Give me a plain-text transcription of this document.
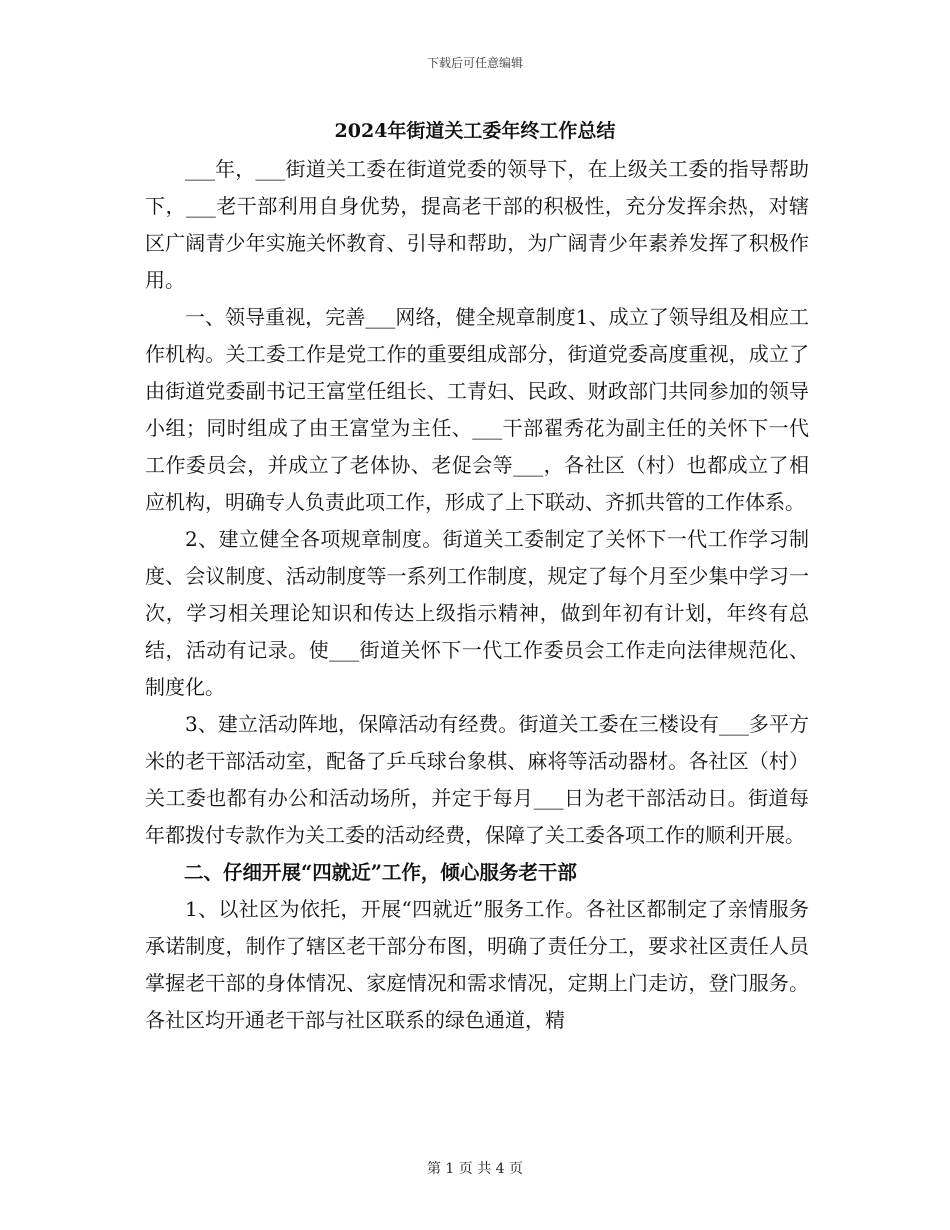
下载后可任意编辑
2024年街道关工委年终工作总结

___年，___街道关工委在街道党委的领导下，在上级关工委的指导帮助下，___老干部利用自身优势，提高老干部的积极性，充分发挥余热，对辖区广阔青少年实施关怀教育、引导和帮助，为广阔青少年素养发挥了积极作用。

一、领导重视，完善___网络，健全规章制度1、成立了领导组及相应工作机构。关工委工作是党工作的重要组成部分，街道党委高度重视，成立了由街道党委副书记王富堂任组长、工青妇、民政、财政部门共同参加的领导小组；同时组成了由王富堂为主任、___干部翟秀花为副主任的关怀下一代工作委员会，并成立了老体协、老促会等___，各社区（村）也都成立了相应机构，明确专人负责此项工作，形成了上下联动、齐抓共管的工作体系。

2、建立健全各项规章制度。街道关工委制定了关怀下一代工作学习制度、会议制度、活动制度等一系列工作制度，规定了每个月至少集中学习一次，学习相关理论知识和传达上级指示精神，做到年初有计划，年终有总结，活动有记录。使___街道关怀下一代工作委员会工作走向法律规范化、制度化。

3、建立活动阵地，保障活动有经费。街道关工委在三楼设有___多平方米的老干部活动室，配备了乒乓球台象棋、麻将等活动器材。各社区（村）关工委也都有办公和活动场所，并定于每月___日为老干部活动日。街道每年都拨付专款作为关工委的活动经费，保障了关工委各项工作的顺利开展。

二、仔细开展“四就近”工作，倾心服务老干部

1、以社区为依托，开展“四就近”服务工作。各社区都制定了亲情服务承诺制度，制作了辖区老干部分布图，明确了责任分工，要求社区责任人员掌握老干部的身体情况、家庭情况和需求情况，定期上门走访，登门服务。各社区均开通老干部与社区联系的绿色通道，精

第 1 页 共 4 页
